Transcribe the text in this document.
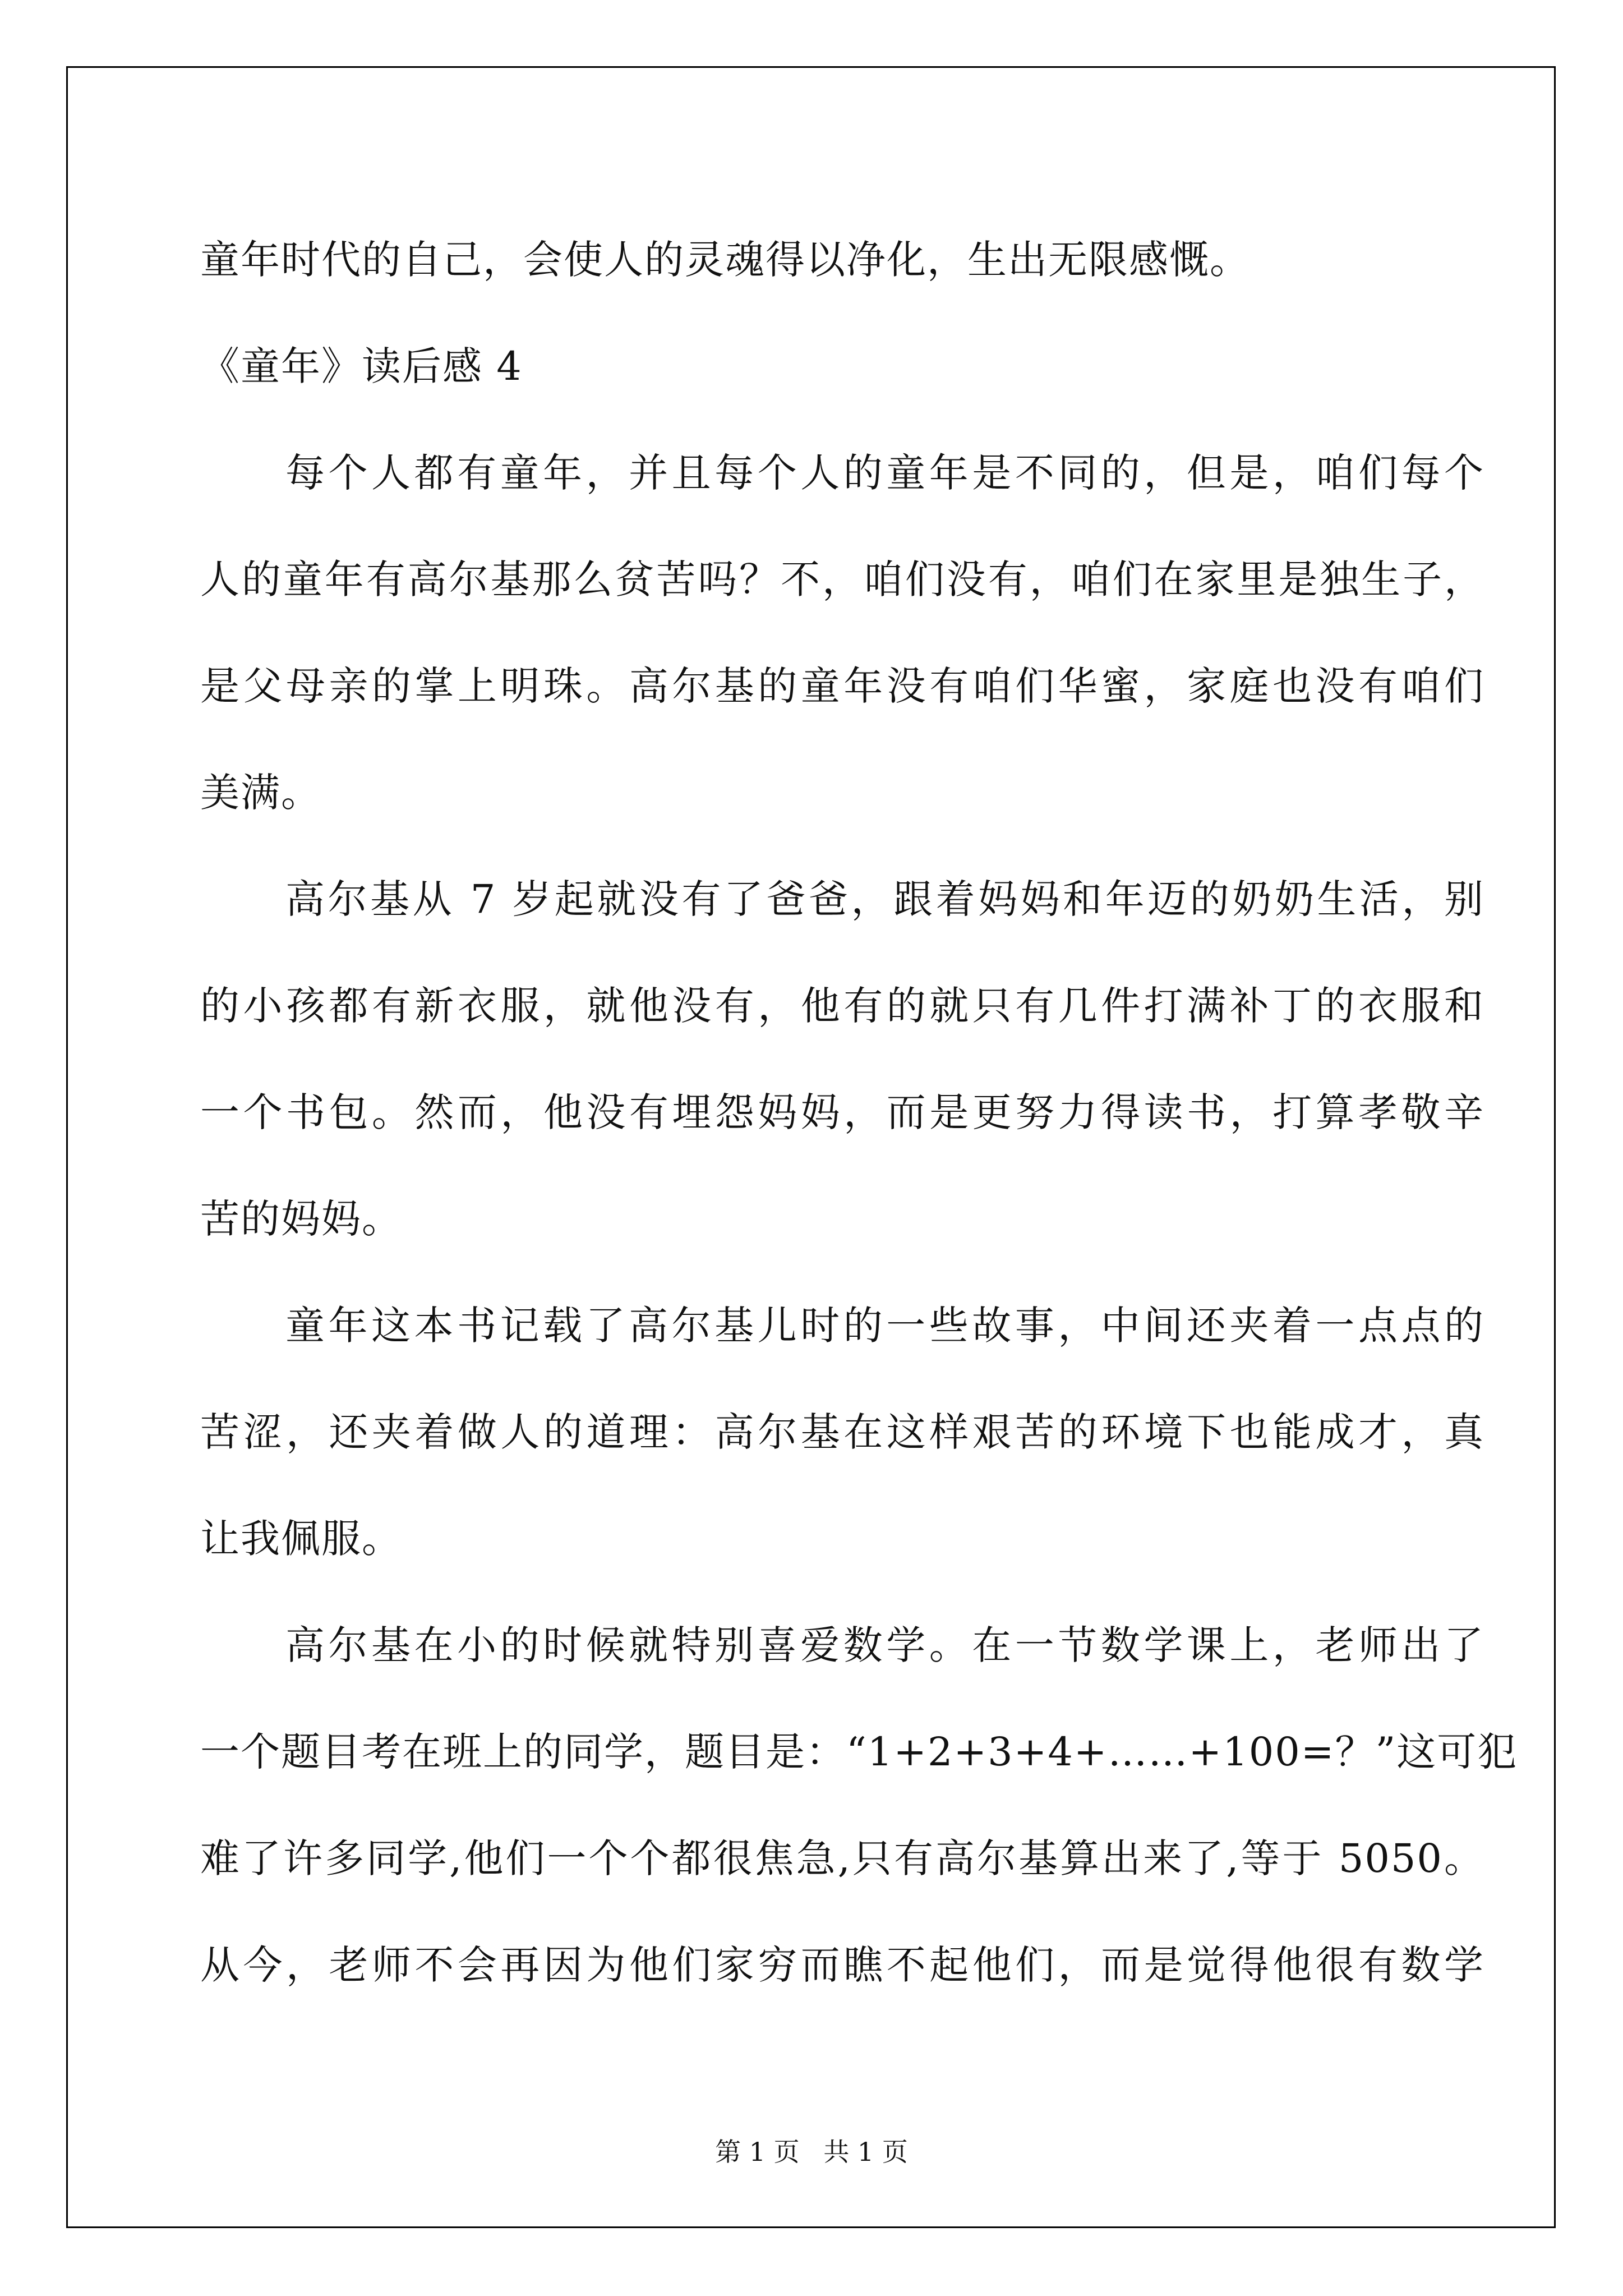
童年时代的自己，会使人的灵魂得以净化，生出无限感慨。
《童年》读后感 4
每个人都有童年，并且每个人的童年是不同的，但是，咱们每个
人的童年有高尔基那么贫苦吗？不，咱们没有，咱们在家里是独生子，
是父母亲的掌上明珠。高尔基的童年没有咱们华蜜，家庭也没有咱们
美满。
高尔基从 7 岁起就没有了爸爸，跟着妈妈和年迈的奶奶生活，别
的小孩都有新衣服，就他没有，他有的就只有几件打满补丁的衣服和
一个书包。然而，他没有埋怨妈妈，而是更努力得读书，打算孝敬辛
苦的妈妈。
童年这本书记载了高尔基儿时的一些故事，中间还夹着一点点的
苦涩，还夹着做人的道理：高尔基在这样艰苦的环境下也能成才，真
让我佩服。
高尔基在小的时候就特别喜爱数学。在一节数学课上，老师出了
一个题目考在班上的同学，题目是：“1+2+3+4+……+100=？”这可犯
难了许多同学,他们一个个都很焦急,只有高尔基算出来了,等于 5050。
从今，老师不会再因为他们家穷而瞧不起他们，而是觉得他很有数学
第 1 页 共 1 页
